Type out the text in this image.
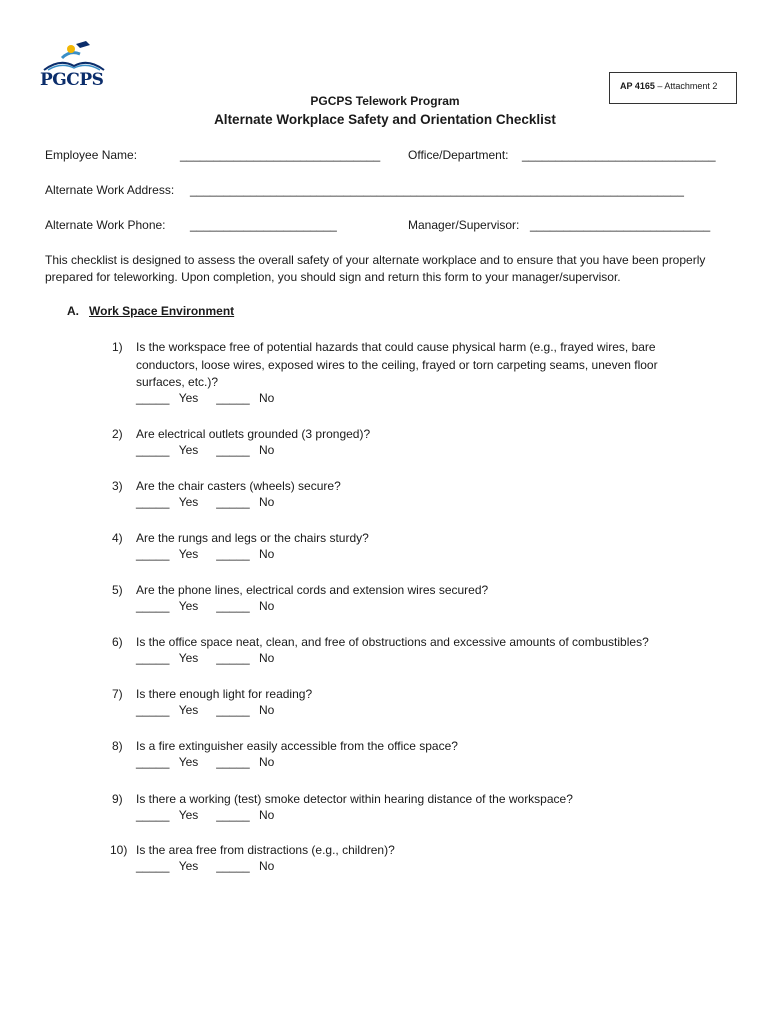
PGCPS	AP 4165 – Attachment 2
PGCPS Telework Program
Alternate Workplace Safety and Orientation Checklist
Employee Name:	______________________________ Office/Department: _____________________________
Alternate Work Address: __________________________________________________________________________
Alternate Work Phone: ______________________	Manager/Supervisor: ___________________________
This checklist is designed to assess the overall safety of your alternate workplace and to ensure that you have been properly prepared for teleworking. Upon completion, you should sign and return this form to your manager/supervisor.
A. Work Space Environment
1) Is the workspace free of potential hazards that could cause physical harm (e.g., frayed wires, bare conductors, loose wires, exposed wires to the ceiling, frayed or torn carpeting seams, uneven floor surfaces, etc.)?
_____ Yes _____ No
2) Are electrical outlets grounded (3 pronged)?
_____ Yes _____ No
3) Are the chair casters (wheels) secure?
_____ Yes _____ No
4) Are the rungs and legs or the chairs sturdy?
_____ Yes _____ No
5) Are the phone lines, electrical cords and extension wires secured?
_____ Yes _____ No
6) Is the office space neat, clean, and free of obstructions and excessive amounts of combustibles?
_____ Yes _____ No
7) Is there enough light for reading?
_____ Yes _____ No
8) Is a fire extinguisher easily accessible from the office space?
_____ Yes _____ No
9) Is there a working (test) smoke detector within hearing distance of the workspace?
_____ Yes _____ No
10) Is the area free from distractions (e.g., children)?
_____ Yes _____ No
